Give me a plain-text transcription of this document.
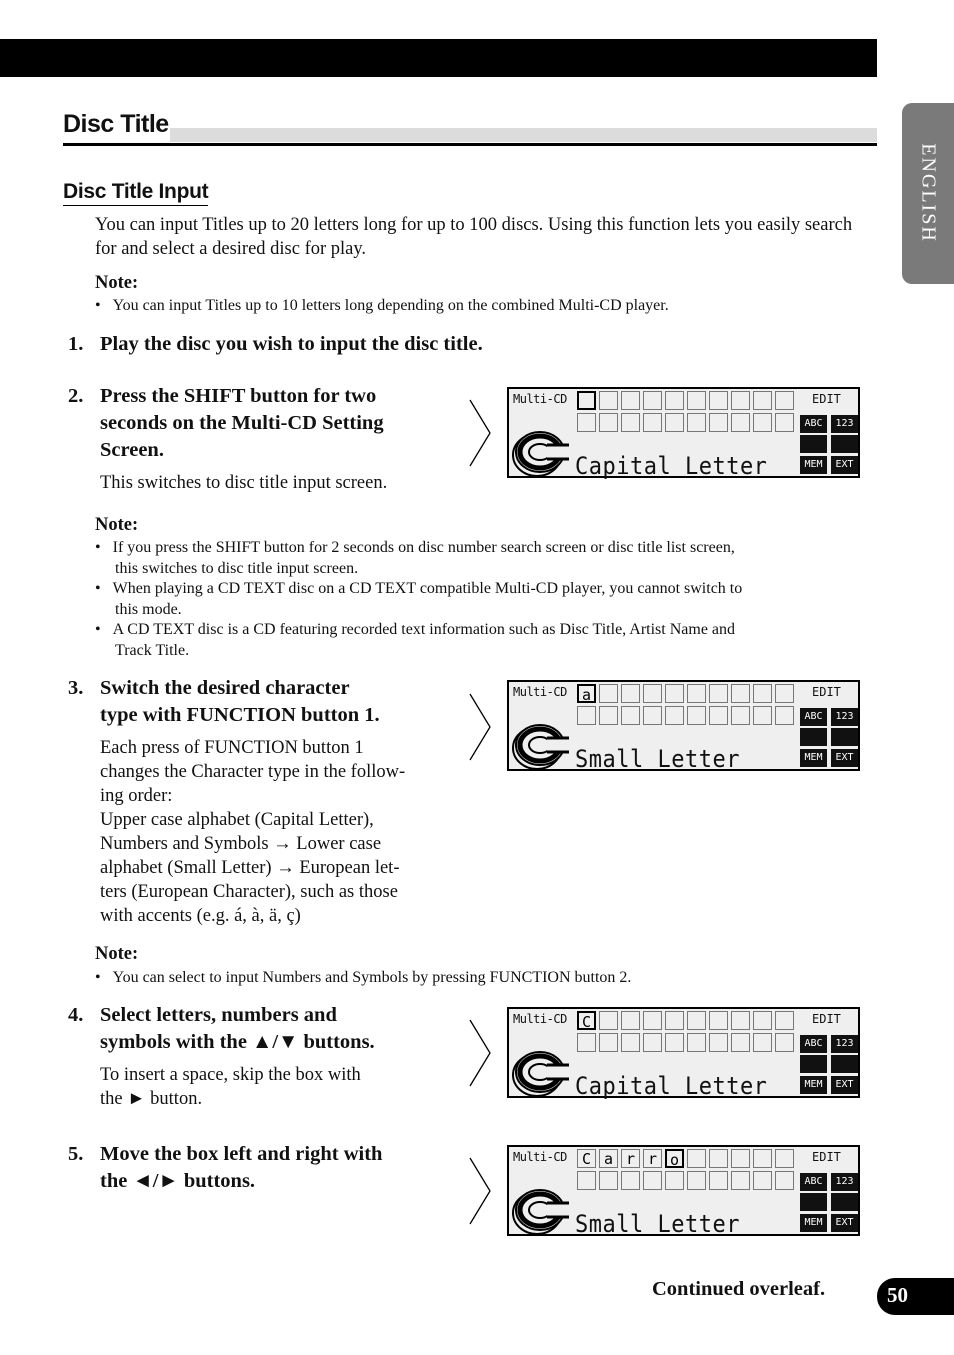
Disc Title
Disc Title Input
You can input Titles up to 20 letters long for up to 100 discs. Using this function lets you easily search for and select a desired disc for play.
Note:
•   You can input Titles up to 10 letters long depending on the combined Multi-CD player.
1. Play the disc you wish to input the disc title.
2. Press the SHIFT button for two
seconds on the Multi-CD Setting
Screen.
This switches to disc title input screen.
Note:
•   If you press the SHIFT button for 2 seconds on disc number search screen or disc title list screen,
this switches to disc title input screen.
•   When playing a CD TEXT disc on a CD TEXT compatible Multi-CD player, you cannot switch to
this mode.
•   A CD TEXT disc is a CD featuring recorded text information such as Disc Title, Artist Name and
Track Title.
3. Switch the desired character
type with FUNCTION button 1.
Each press of FUNCTION button 1
changes the Character type in the follow-
ing order:
Upper case alphabet (Capital Letter),
Numbers and Symbols → Lower case
alphabet (Small Letter) → European let-
ters (European Character), such as those
with accents (e.g. á, à, ä, ç)
Note:
•   You can select to input Numbers and Symbols by pressing FUNCTION button 2.
4. Select letters, numbers and
symbols with the ▲/▼ buttons.
To insert a space, skip the box with
the ► button.
5. Move the box left and right with
the ◄/► buttons.
Multi-CD	EDIT
ABC	123
MEM	EXT
Capital Letter
Multi-CD	a	EDIT
ABC	123
MEM	EXT
Small Letter
Multi-CD	C	EDIT
ABC	123
MEM	EXT
Capital Letter
Multi-CD	C a r r o	EDIT
ABC	123
MEM	EXT
Small Letter
ENGLISH
Continued overleaf.	50
